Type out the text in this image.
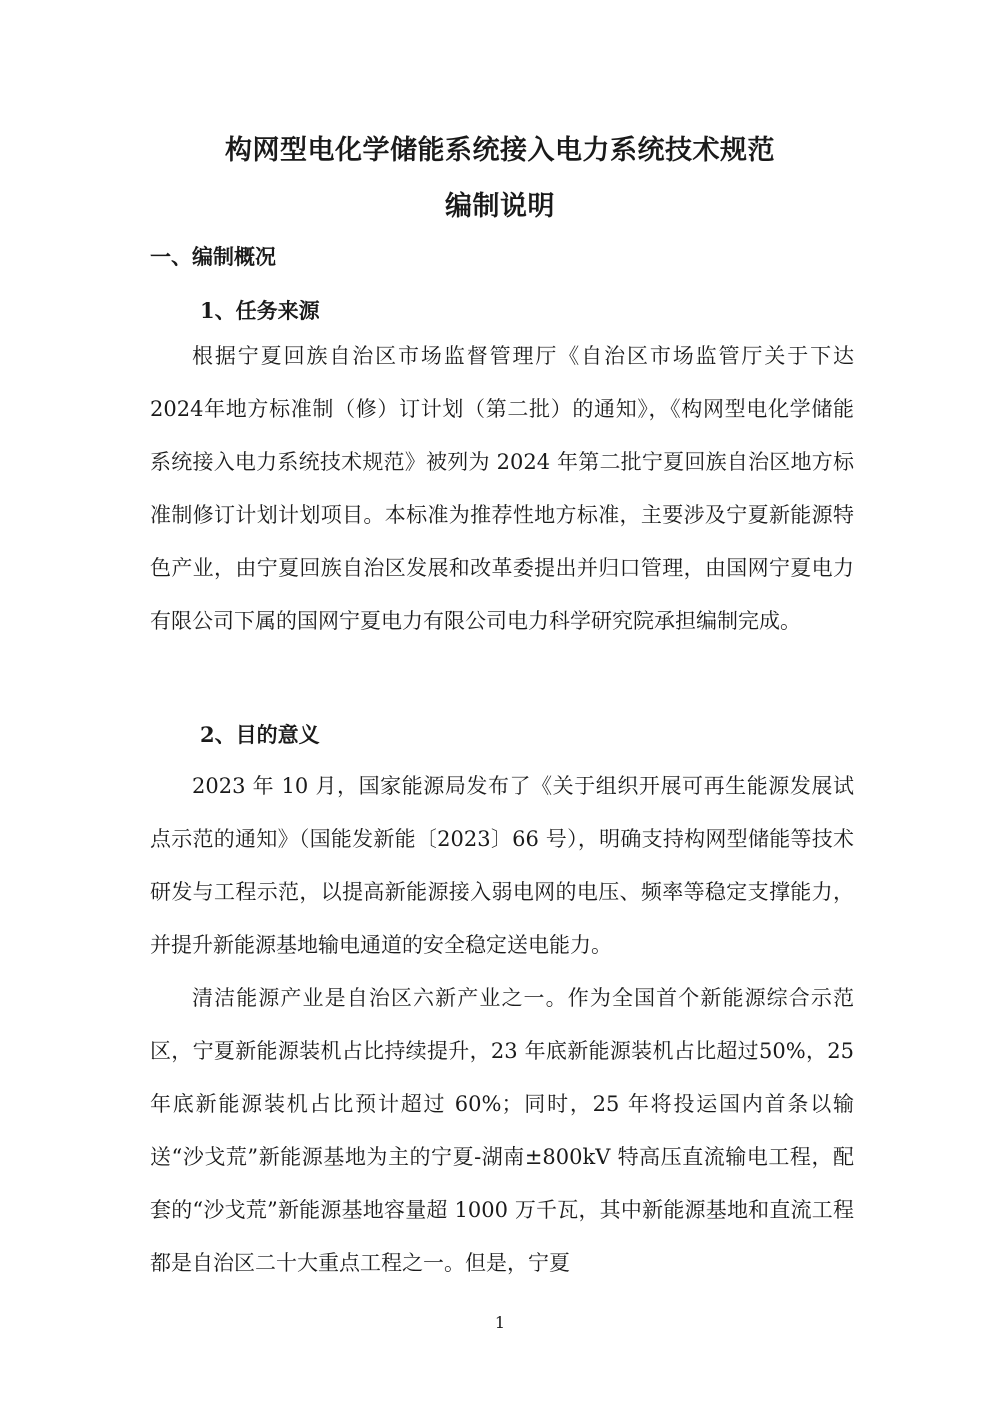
构网型电化学储能系统接入电力系统技术规范
编制说明
一、编制概况
1、任务来源

根据宁夏回族自治区市场监督管理厅《自治区市场监管厅关于下达2024年地方标准制（修）订计划（第二批）的通知》，《构网型电化学储能系统接入电力系统技术规范》被列为 2024 年第二批宁夏回族自治区地方标准制修订计划计划项目。本标准为推荐性地方标准，主要涉及宁夏新能源特色产业，由宁夏回族自治区发展和改革委提出并归口管理，由国网宁夏电力有限公司下属的国网宁夏电力有限公司电力科学研究院承担编制完成。

2、目的意义

2023 年 10 月，国家能源局发布了《关于组织开展可再生能源发展试点示范的通知》（国能发新能〔2023〕66 号），明确支持构网型储能等技术研发与工程示范，以提高新能源接入弱电网的电压、频率等稳定支撑能力，并提升新能源基地输电通道的安全稳定送电能力。

清洁能源产业是自治区六新产业之一。作为全国首个新能源综合示范区，宁夏新能源装机占比持续提升，23 年底新能源装机占比超过50%，25 年底新能源装机占比预计超过 60%；同时，25 年将投运国内首条以输送“沙戈荒”新能源基地为主的宁夏-湖南±800kV 特高压直流输电工程，配套的“沙戈荒”新能源基地容量超 1000 万千瓦，其中新能源基地和直流工程都是自治区二十大重点工程之一。但是，宁夏

1
